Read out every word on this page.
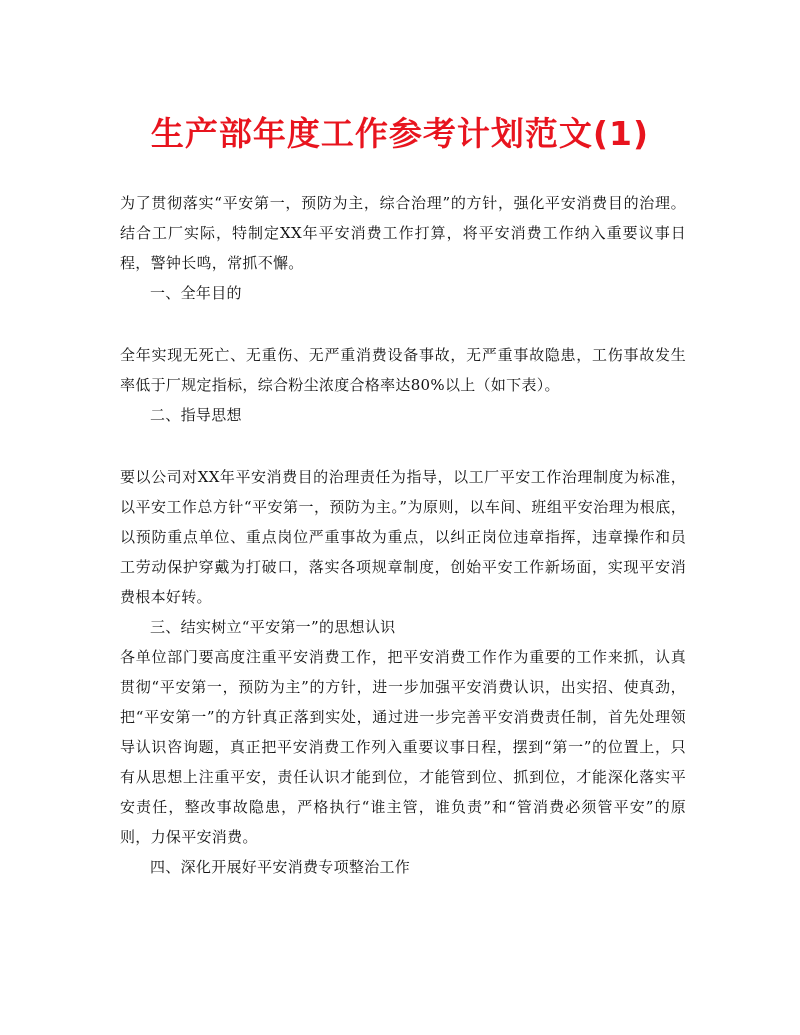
生产部年度工作参考计划范文(1)

为了贯彻落实“平安第一，预防为主，综合治理”的方针，强化平安消费目的治理。结合工厂实际，特制定XX年平安消费工作打算，将平安消费工作纳入重要议事日程，警钟长鸣，常抓不懈。

一、全年目的

全年实现无死亡、无重伤、无严重消费设备事故，无严重事故隐患，工伤事故发生率低于厂规定指标，综合粉尘浓度合格率达80%以上（如下表）。

二、指导思想

要以公司对XX年平安消费目的治理责任为指导，以工厂平安工作治理制度为标准，以平安工作总方针“平安第一，预防为主。”为原则，以车间、班组平安治理为根底，以预防重点单位、重点岗位严重事故为重点，以纠正岗位违章指挥，违章操作和员工劳动保护穿戴为打破口，落实各项规章制度，创始平安工作新场面，实现平安消费根本好转。

三、结实树立“平安第一”的思想认识

各单位部门要高度注重平安消费工作，把平安消费工作作为重要的工作来抓，认真贯彻“平安第一，预防为主”的方针，进一步加强平安消费认识，出实招、使真劲，把“平安第一”的方针真正落到实处，通过进一步完善平安消费责任制，首先处理领导认识咨询题，真正把平安消费工作列入重要议事日程，摆到“第一”的位置上，只有从思想上注重平安，责任认识才能到位，才能管到位、抓到位，才能深化落实平安责任，整改事故隐患，严格执行“谁主管，谁负责”和“管消费必须管平安”的原则，力保平安消费。

四、深化开展好平安消费专项整治工作
